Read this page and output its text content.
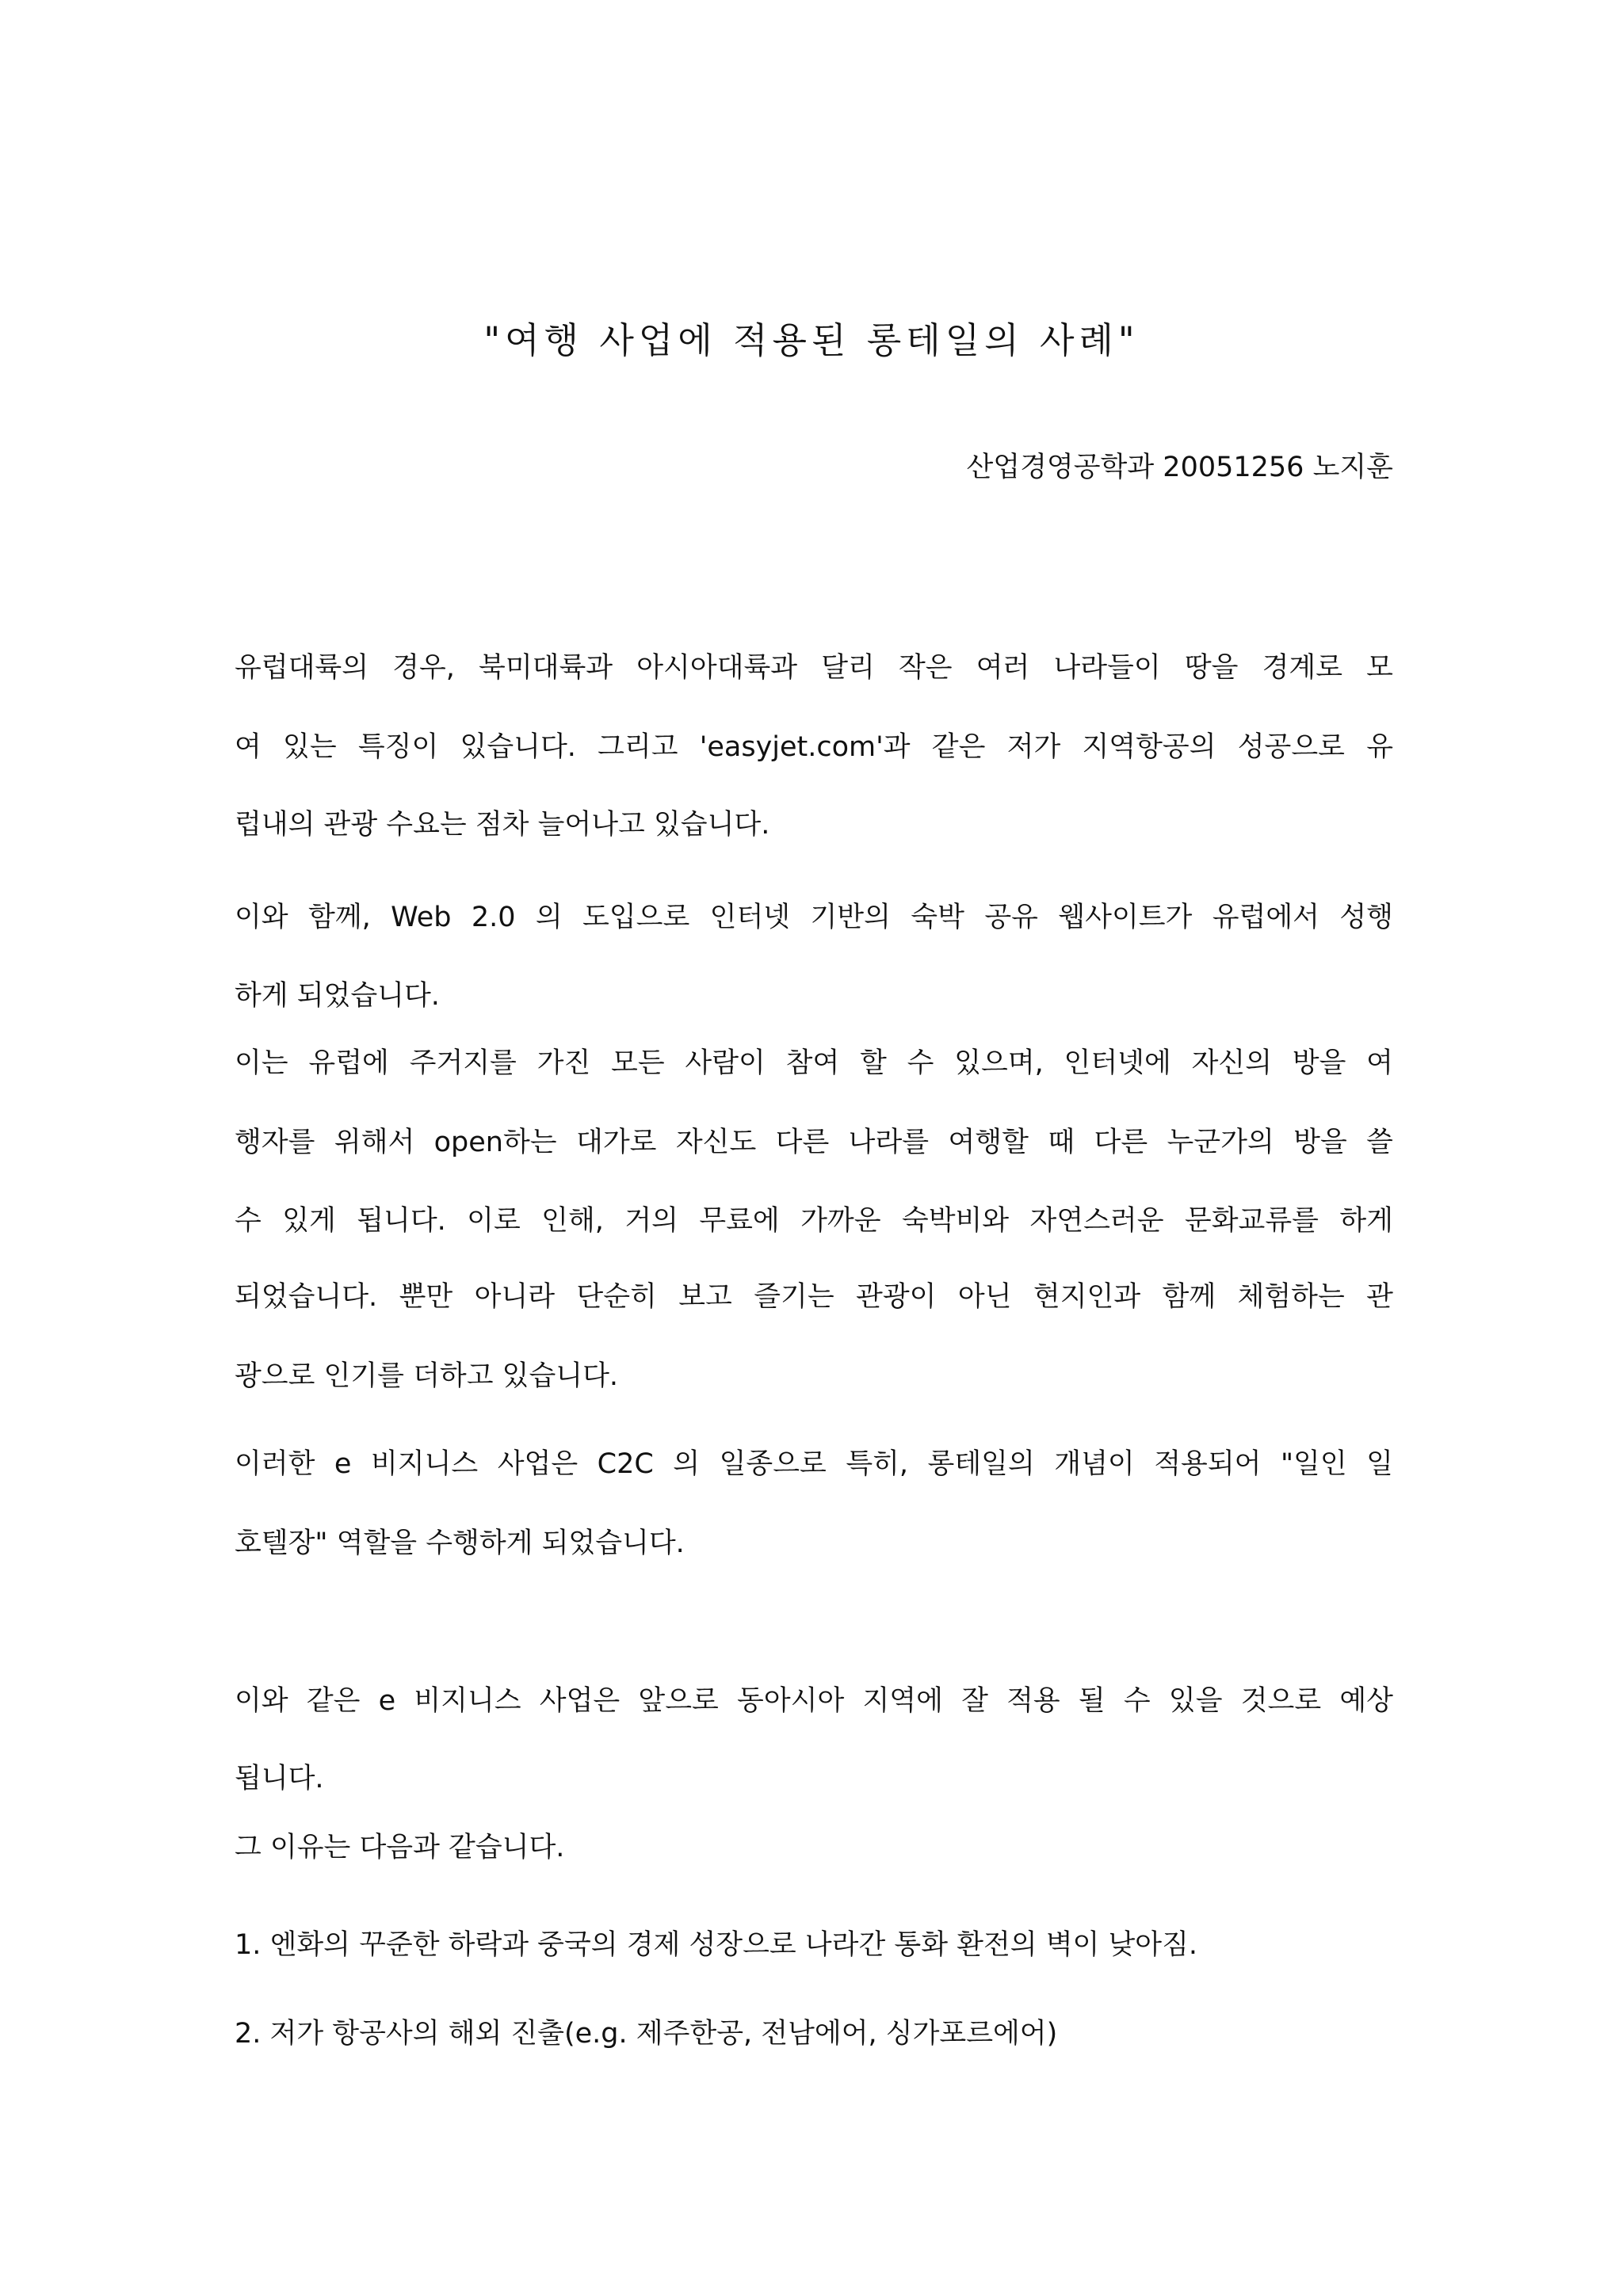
"여행 사업에 적용된 롱테일의 사례"
산업경영공학과 20051256 노지훈
유럽대륙의 경우, 북미대륙과 아시아대륙과 달리 작은 여러 나라들이 땅을 경계로 모
여 있는 특징이 있습니다. 그리고 'easyjet.com'과 같은 저가 지역항공의 성공으로 유
럽내의 관광 수요는 점차 늘어나고 있습니다.
이와 함께, Web 2.0 의 도입으로 인터넷 기반의 숙박 공유 웹사이트가 유럽에서 성행
하게 되었습니다.
이는 유럽에 주거지를 가진 모든 사람이 참여 할 수 있으며, 인터넷에 자신의 방을 여
행자를 위해서 open하는 대가로 자신도 다른 나라를 여행할 때 다른 누군가의 방을 쓸
수 있게 됩니다. 이로 인해, 거의 무료에 가까운 숙박비와 자연스러운 문화교류를 하게
되었습니다. 뿐만 아니라 단순히 보고 즐기는 관광이 아닌 현지인과 함께 체험하는 관
광으로 인기를 더하고 있습니다.
이러한 e 비지니스 사업은 C2C 의 일종으로 특히, 롱테일의 개념이 적용되어 "일인 일
호텔장" 역할을 수행하게 되었습니다.
이와 같은 e 비지니스 사업은 앞으로 동아시아 지역에 잘 적용 될 수 있을 것으로 예상
됩니다.
그 이유는 다음과 같습니다.
1. 엔화의 꾸준한 하락과 중국의 경제 성장으로 나라간 통화 환전의 벽이 낮아짐.
2. 저가 항공사의 해외 진출(e.g. 제주한공, 전남에어, 싱가포르에어)
